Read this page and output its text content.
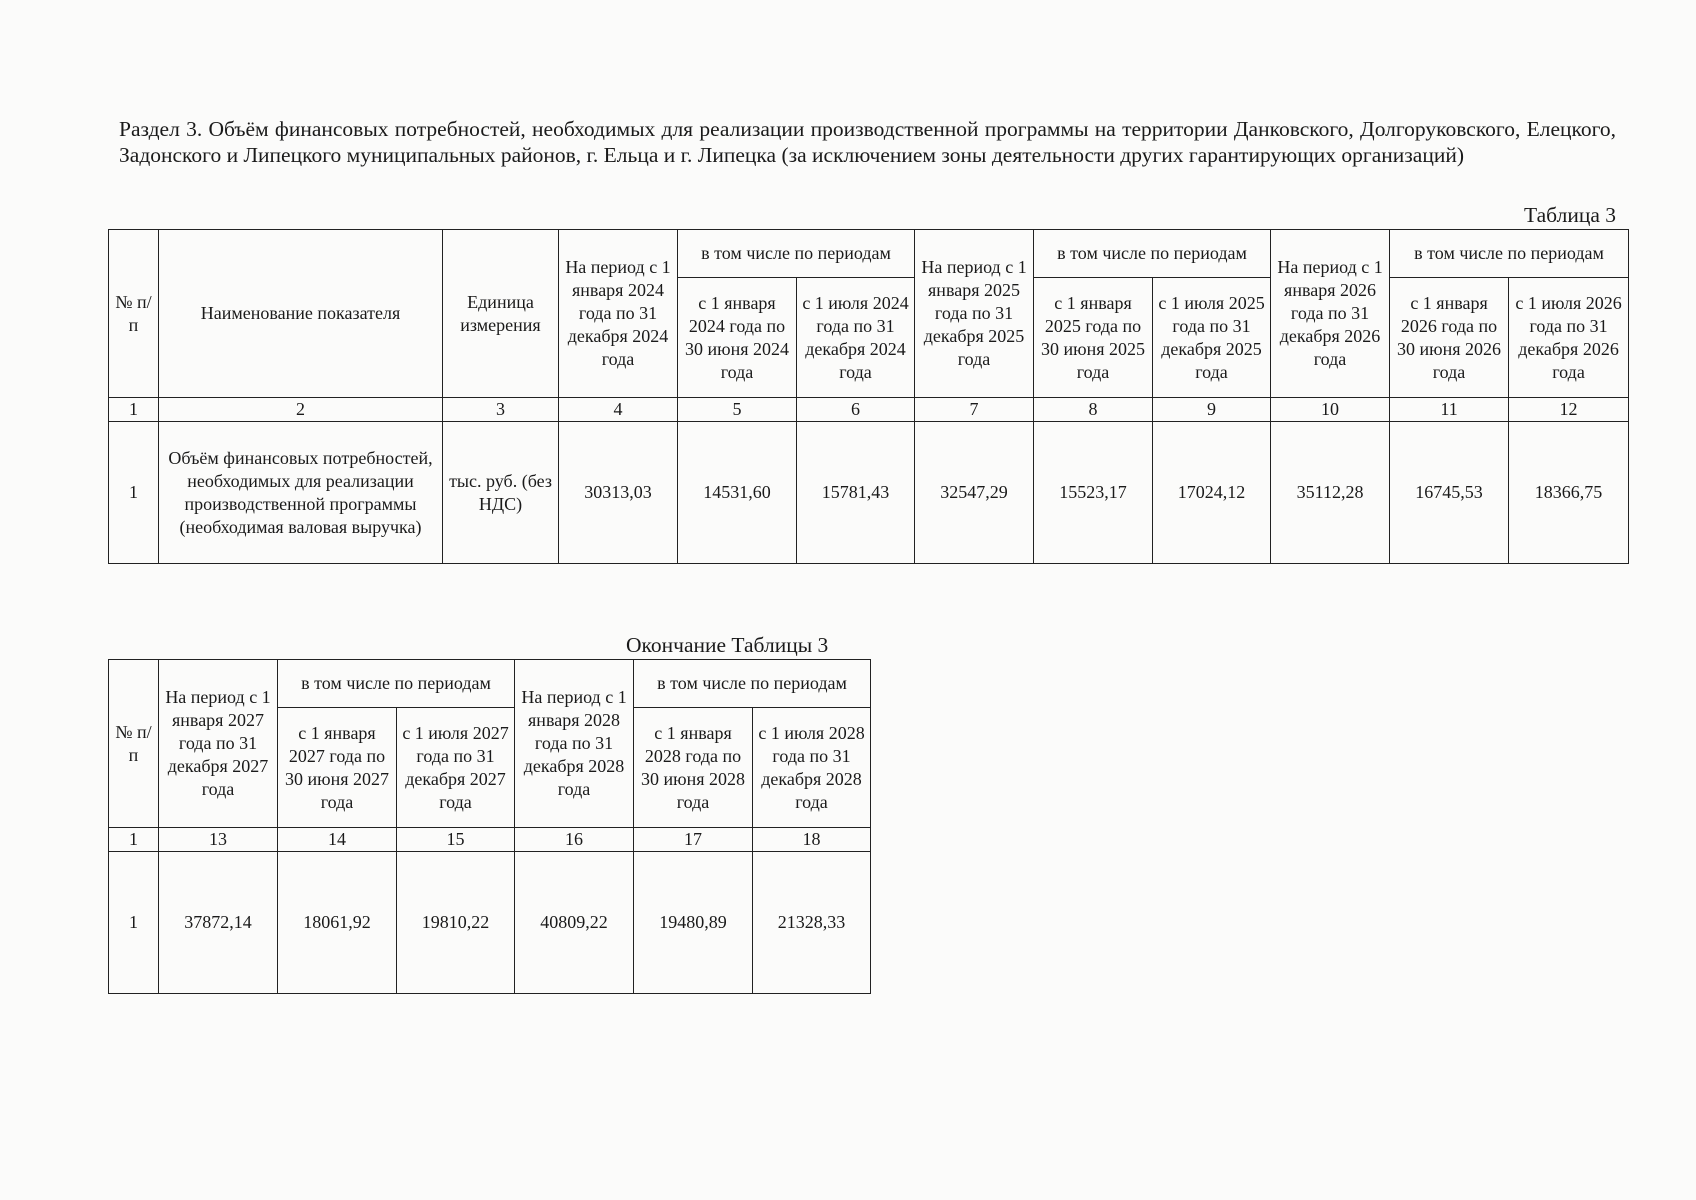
Раздел 3. Объём финансовых потребностей, необходимых для реализации производственной программы на территории Данковского, Долгоруковского, Елецкого, Задонского и Липецкого муниципальных районов, г. Ельца и г. Липецка (за исключением зоны деятельности других гарантирующих организаций)
Таблица 3
№ п/п	Наименование показателя	Единица измерения	На период с 1 января 2024 года по 31 декабря 2024 года	в том числе по периодам		На период с 1 января 2025 года по 31 декабря 2025 года	в том числе по периодам		На период с 1 января 2026 года по 31 декабря 2026 года	в том числе по периодам	
				с 1 января 2024 года по 30 июня 2024 года	с 1 июля 2024 года по 31 декабря 2024 года		с 1 января 2025 года по 30 июня 2025 года	с 1 июля 2025 года по 31 декабря 2025 года		с 1 января 2026 года по 30 июня 2026 года	с 1 июля 2026 года по 31 декабря 2026 года
1	2	3	4	5	6	7	8	9	10	11	12
1	Объём финансовых потребностей, необходимых для реализации производственной программы (необходимая валовая выручка)	тыс. руб. (без НДС)	30313,03	14531,60	15781,43	32547,29	15523,17	17024,12	35112,28	16745,53	18366,75
Окончание Таблицы 3
№ п/п	На период с 1 января 2027 года по 31 декабря 2027 года	в том числе по периодам		На период с 1 января 2028 года по 31 декабря 2028 года	в том числе по периодам	
		с 1 января 2027 года по 30 июня 2027 года	с 1 июля 2027 года по 31 декабря 2027 года		с 1 января 2028 года по 30 июня 2028 года	с 1 июля 2028 года по 31 декабря 2028 года
1	13	14	15	16	17	18
1	37872,14	18061,92	19810,22	40809,22	19480,89	21328,33
